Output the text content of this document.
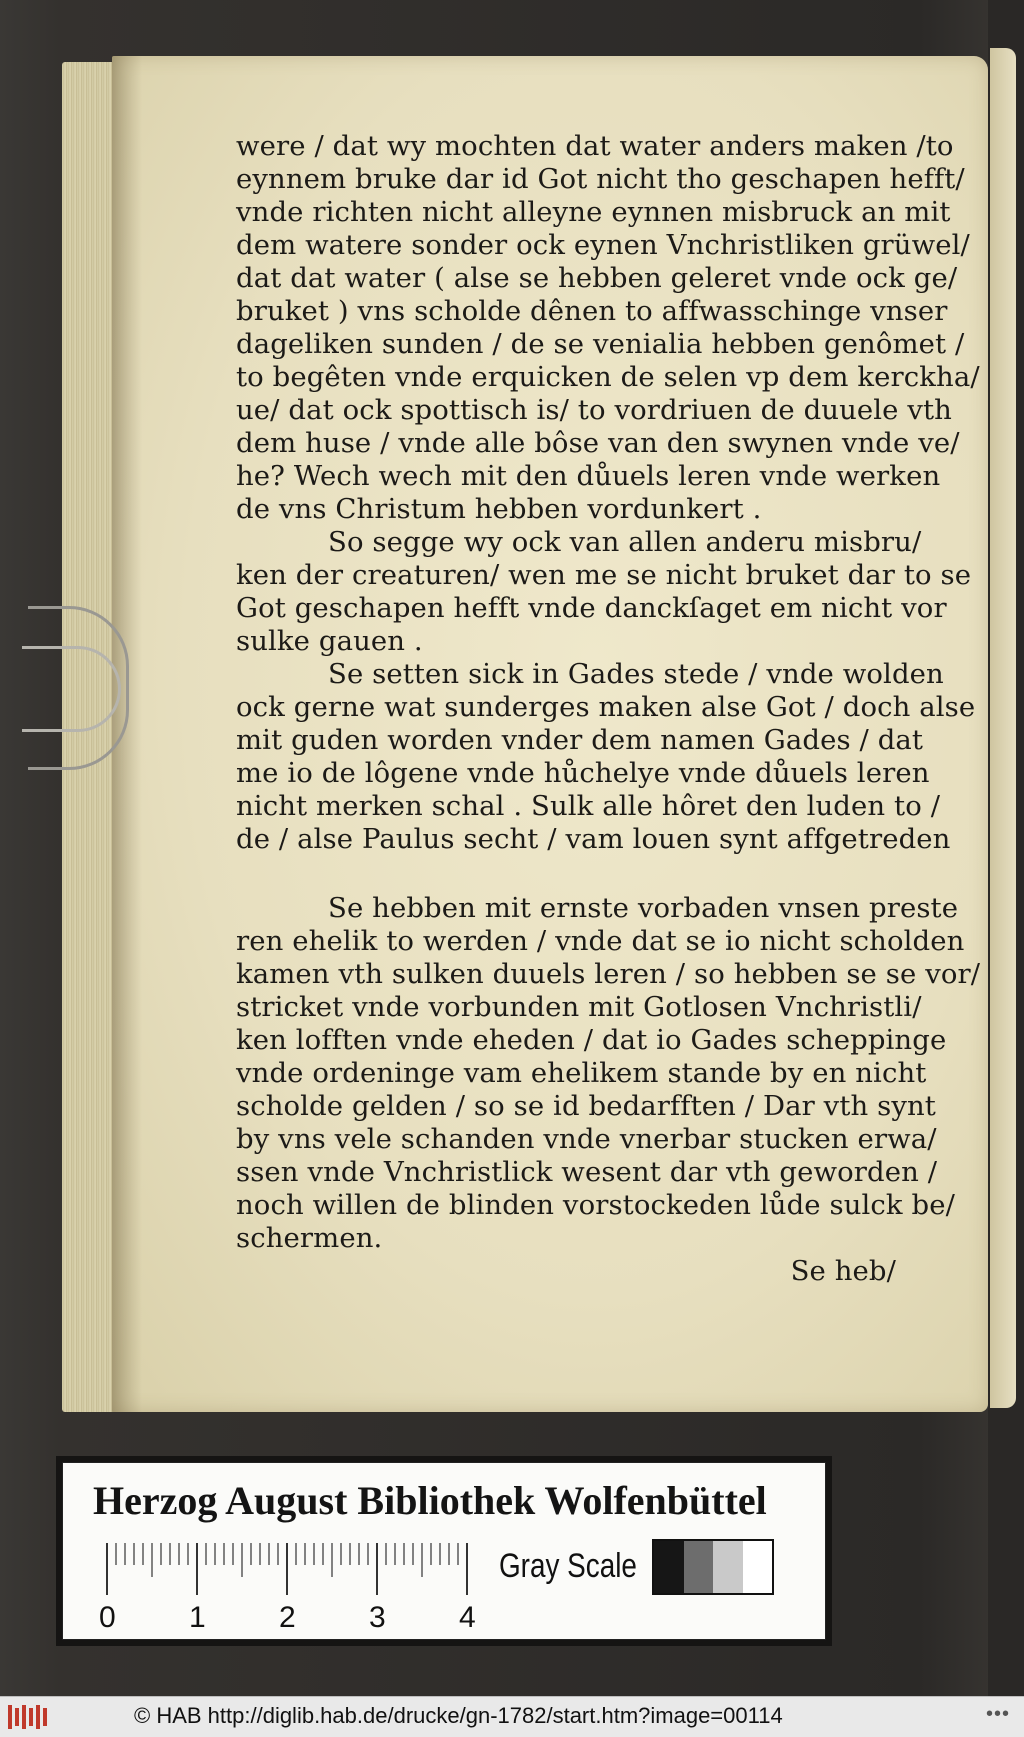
were / dat wy mochten dat water anders maken /to
eynnem bruke dar id Got nicht tho geschapen hefft/
vnde richten nicht alleyne eynnen misbruck an mit
dem watere sonder ock eynen Vnchristliken grüwel/
dat dat water ( alse se hebben geleret vnde ock ge/
bruket ) vns scholde dênen to affwasschinge vnser
dageliken sunden / de se venialia hebben genômet /
to begêten vnde erquicken de selen vp dem kerckha/
ue/ dat ock spottisch is/ to vordriuen de duuele vth
dem huse / vnde alle bôse van den swynen vnde ve/
he? Wech wech mit den důuels leren vnde werken
de vns Christum hebben vordunkert .
So segge wy ock van allen anderu misbru/
ken der creaturen/ wen me se nicht bruket dar to se
Got geschapen hefft vnde danckſaget em nicht vor
sulke gauen .
Se setten sick in Gades stede / vnde wolden
ock gerne wat sunderges maken alse Got / doch alse
mit guden worden vnder dem namen Gades / dat
me io de lôgene vnde hůchelye vnde důuels leren
nicht merken schal . Sulk alle hôret den luden to /
de / alse Paulus secht / vam louen synt affgetreden
Se hebben mit ernste vorbaden vnsen preste
ren ehelik to werden / vnde dat se io nicht scholden
kamen vth sulken duuels leren / so hebben se se vor/
stricket vnde vorbunden mit Gotlosen Vnchristli/
ken lofften vnde eheden / dat io Gades scheppinge
vnde ordeninge vam ehelikem stande by en nicht
scholde gelden / so se id bedarfften / Dar vth synt
by vns vele schanden vnde vnerbar stucken erwa/
ssen vnde Vnchristlick wesent dar vth geworden /
noch willen de blinden vorstockeden lůde sulck be/
schermen.
Se heb/
Herzog August Bibliothek Wolfenbüttel
0 1 2 3 4
Gray Scale
© HAB http://diglib.hab.de/drucke/gn-1782/start.htm?image=00114	•••
